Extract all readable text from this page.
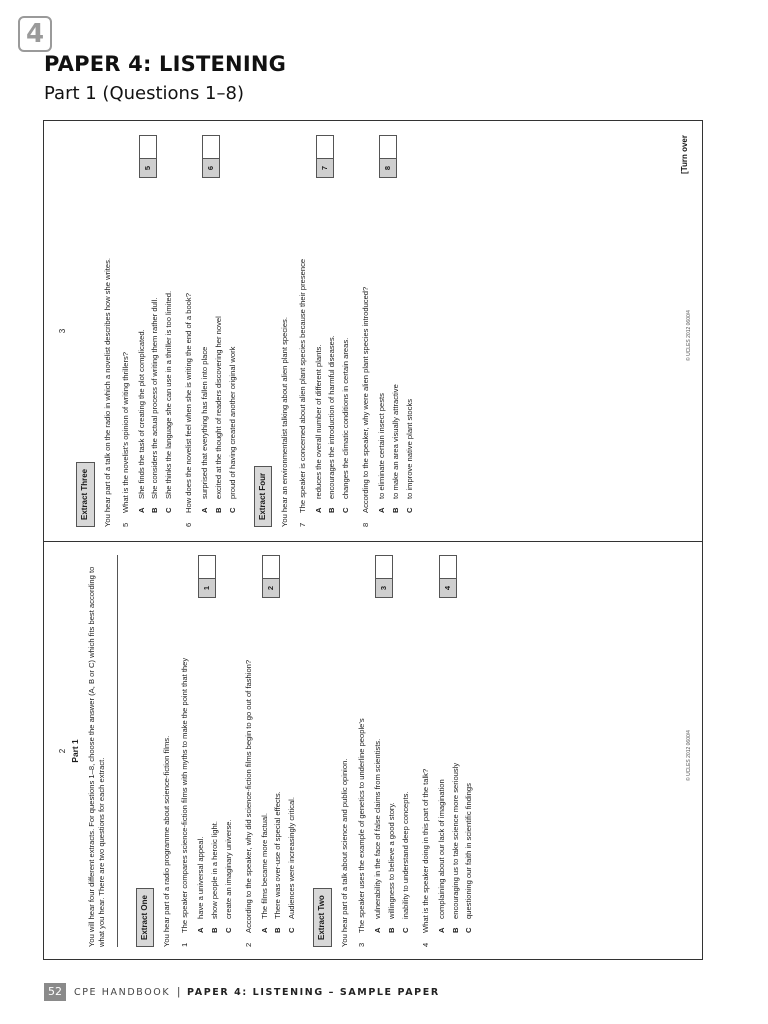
4
PAPER 4: LISTENING
Part 1 (Questions 1–8)
3
Extract Three You hear part of a talk on the radio in which a novelist describes how she writes. 5
What is the novelist's opinion of writing thrillers? A
She finds the task of creating the plot complicated.
B
She considers the actual process of writing them rather dull.
C
She thinks the language she can use in a thriller is too limited.
5
6
How does the novelist feel when she is writing the end of a book? A
surprised that everything has fallen into place
B
excited at the thought of readers discovering her novel
C
proud of having created another original work
6
Extract Four You hear an environmentalist talking about alien plant species. 7
The speaker is concerned about alien plant species because their presence A
reduces the overall number of different plants.
B
encourages the introduction of harmful diseases.
C
changes the climatic conditions in certain areas.
7
8
According to the speaker, why were alien plant species introduced? A
to eliminate certain insect pests
B
to make an area visually attractive
C
to improve native plant stocks
8
© UCLES 2012 0600/4
[Turn over
2 Part 1 You will hear four different extracts. For questions 1–8, choose the answer (A, B or C) which fits best according to what you hear. There are two questions for each extract.	Extract One You hear part of a radio programme about science-fiction films. 1
The speaker compares science-fiction films with myths to make the point that they A
have a universal appeal.
B
show people in a heroic light.
C
create an imaginary universe.
1
2
According to the speaker, why did science-fiction films begin to go out of fashion? A
The films became more factual.
B
There was over-use of special effects.
C
Audiences were increasingly critical.
2
Extract Two You hear part of a talk about science and public opinion. 3
The speaker uses the example of genetics to underline people's A
vulnerability in the face of false claims from scientists.
B
willingness to believe a good story.
C
inability to understand deep concepts.
3
4
What is the speaker doing in this part of the talk? A
complaining about our lack of imagination
B
encouraging us to take science more seriously
C
questioning our faith in scientific findings
4
© UCLES 2012 0600/4
52	CPE HANDBOOK | PAPER 4: LISTENING – SAMPLE PAPER
